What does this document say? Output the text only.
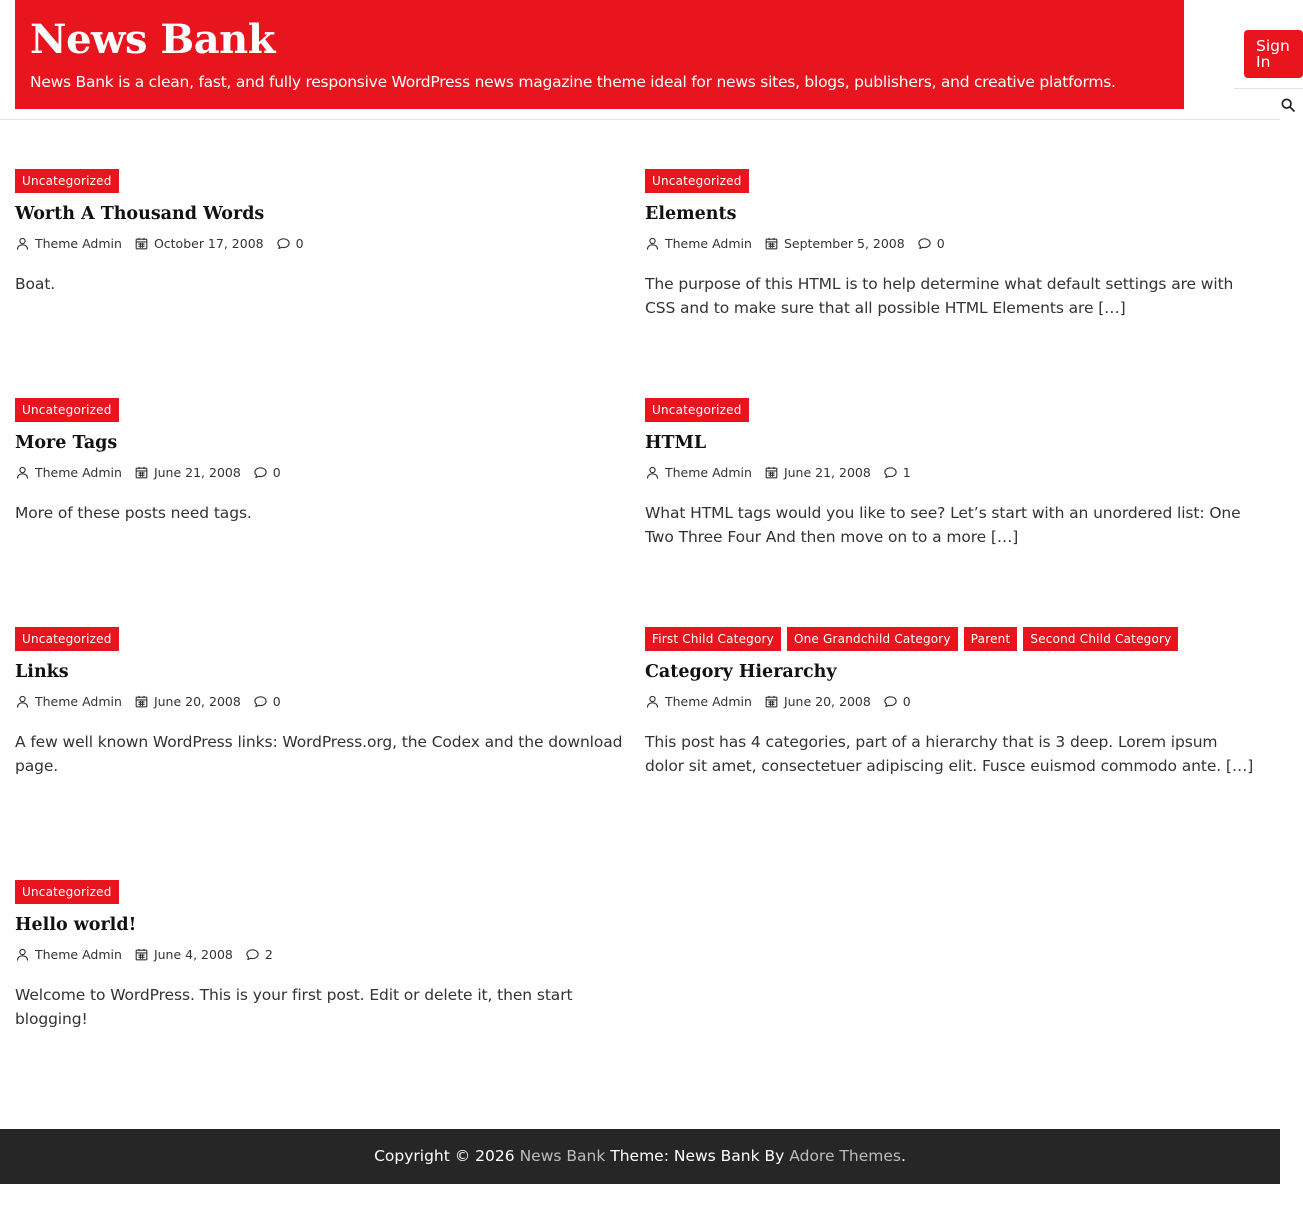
News Bank
News Bank is a clean, fast, and fully responsive WordPress news magazine theme ideal for news sites, blogs, publishers, and creative platforms.
Sign In
Uncategorized
Worth A Thousand Words
Theme Admin	October 17, 2008	0
Boat.
Uncategorized
Elements
Theme Admin	September 5, 2008	0
The purpose of this HTML is to help determine what default settings are with CSS and to make sure that all possible HTML Elements are […]
Uncategorized
More Tags
Theme Admin	June 21, 2008	0
More of these posts need tags.
Uncategorized
HTML
Theme Admin	June 21, 2008	1
What HTML tags would you like to see? Let’s start with an unordered list: One Two Three Four And then move on to a more […]
Uncategorized
Links
Theme Admin	June 20, 2008	0
A few well known WordPress links: WordPress.org, the Codex and the download page.
First Child Category	One Grandchild Category	Parent	Second Child Category
Category Hierarchy
Theme Admin	June 20, 2008	0
This post has 4 categories, part of a hierarchy that is 3 deep. Lorem ipsum dolor sit amet, consectetuer adipiscing elit. Fusce euismod commodo ante. […]
Uncategorized
Hello world!
Theme Admin	June 4, 2008	2
Welcome to WordPress. This is your first post. Edit or delete it, then start blogging!
Copyright © 2026 News Bank Theme: News Bank By Adore Themes.
